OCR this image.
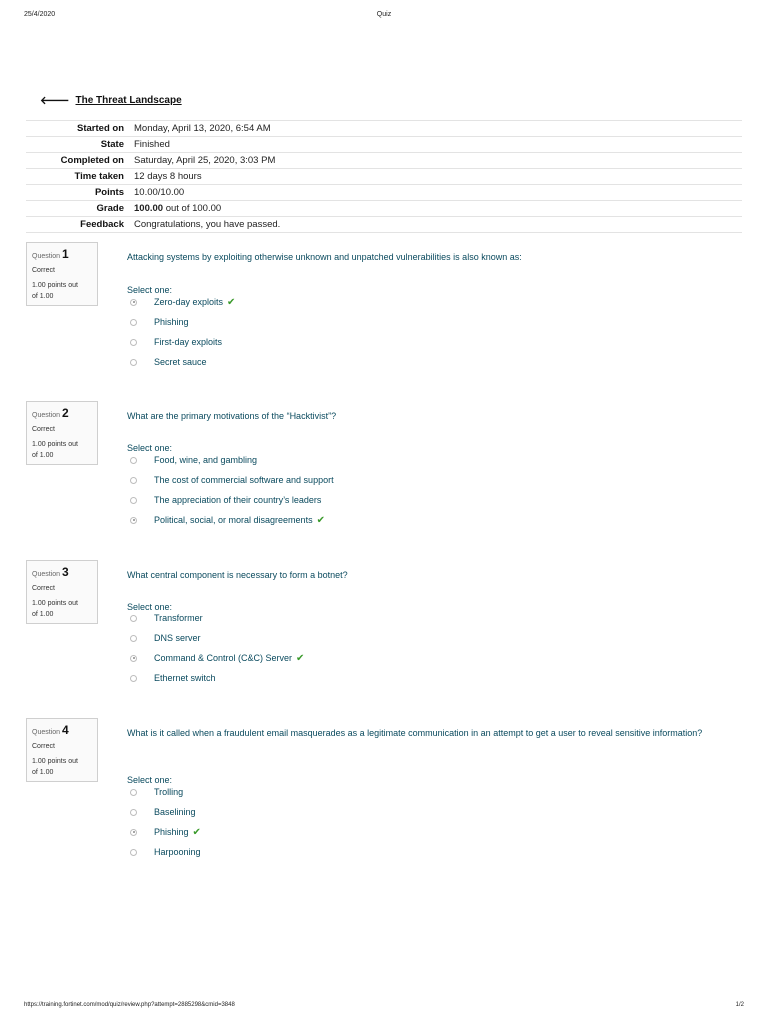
25/4/2020	Quiz
🡐 The Threat Landscape
Started on	Monday, April 13, 2020, 6:54 AM
State	Finished
Completed on	Saturday, April 25, 2020, 3:03 PM
Time taken	12 days 8 hours
Points	10.00/10.00
Grade	100.00 out of 100.00
Feedback	Congratulations, you have passed.
Question 1
Correct
1.00 points out
of 1.00
Attacking systems by exploiting otherwise unknown and unpatched vulnerabilities is also known as:
Select one:
Zero-day exploits ✔
Phishing
First-day exploits
Secret sauce
Question 2
Correct
1.00 points out
of 1.00
What are the primary motivations of the “Hacktivist”?
Select one:
Food, wine, and gambling
The cost of commercial software and support
The appreciation of their country’s leaders
Political, social, or moral disagreements ✔
Question 3
Correct
1.00 points out
of 1.00
What central component is necessary to form a botnet?
Select one:
Transformer
DNS server
Command & Control (C&C) Server ✔
Ethernet switch
Question 4
Correct
1.00 points out
of 1.00
What is it called when a fraudulent email masquerades as a legitimate communication in an attempt to get a user to reveal sensitive information?
Select one:
Trolling
Baselining
Phishing ✔
Harpooning
https://training.fortinet.com/mod/quiz/review.php?attempt=2885298&cmid=3848	1/2
